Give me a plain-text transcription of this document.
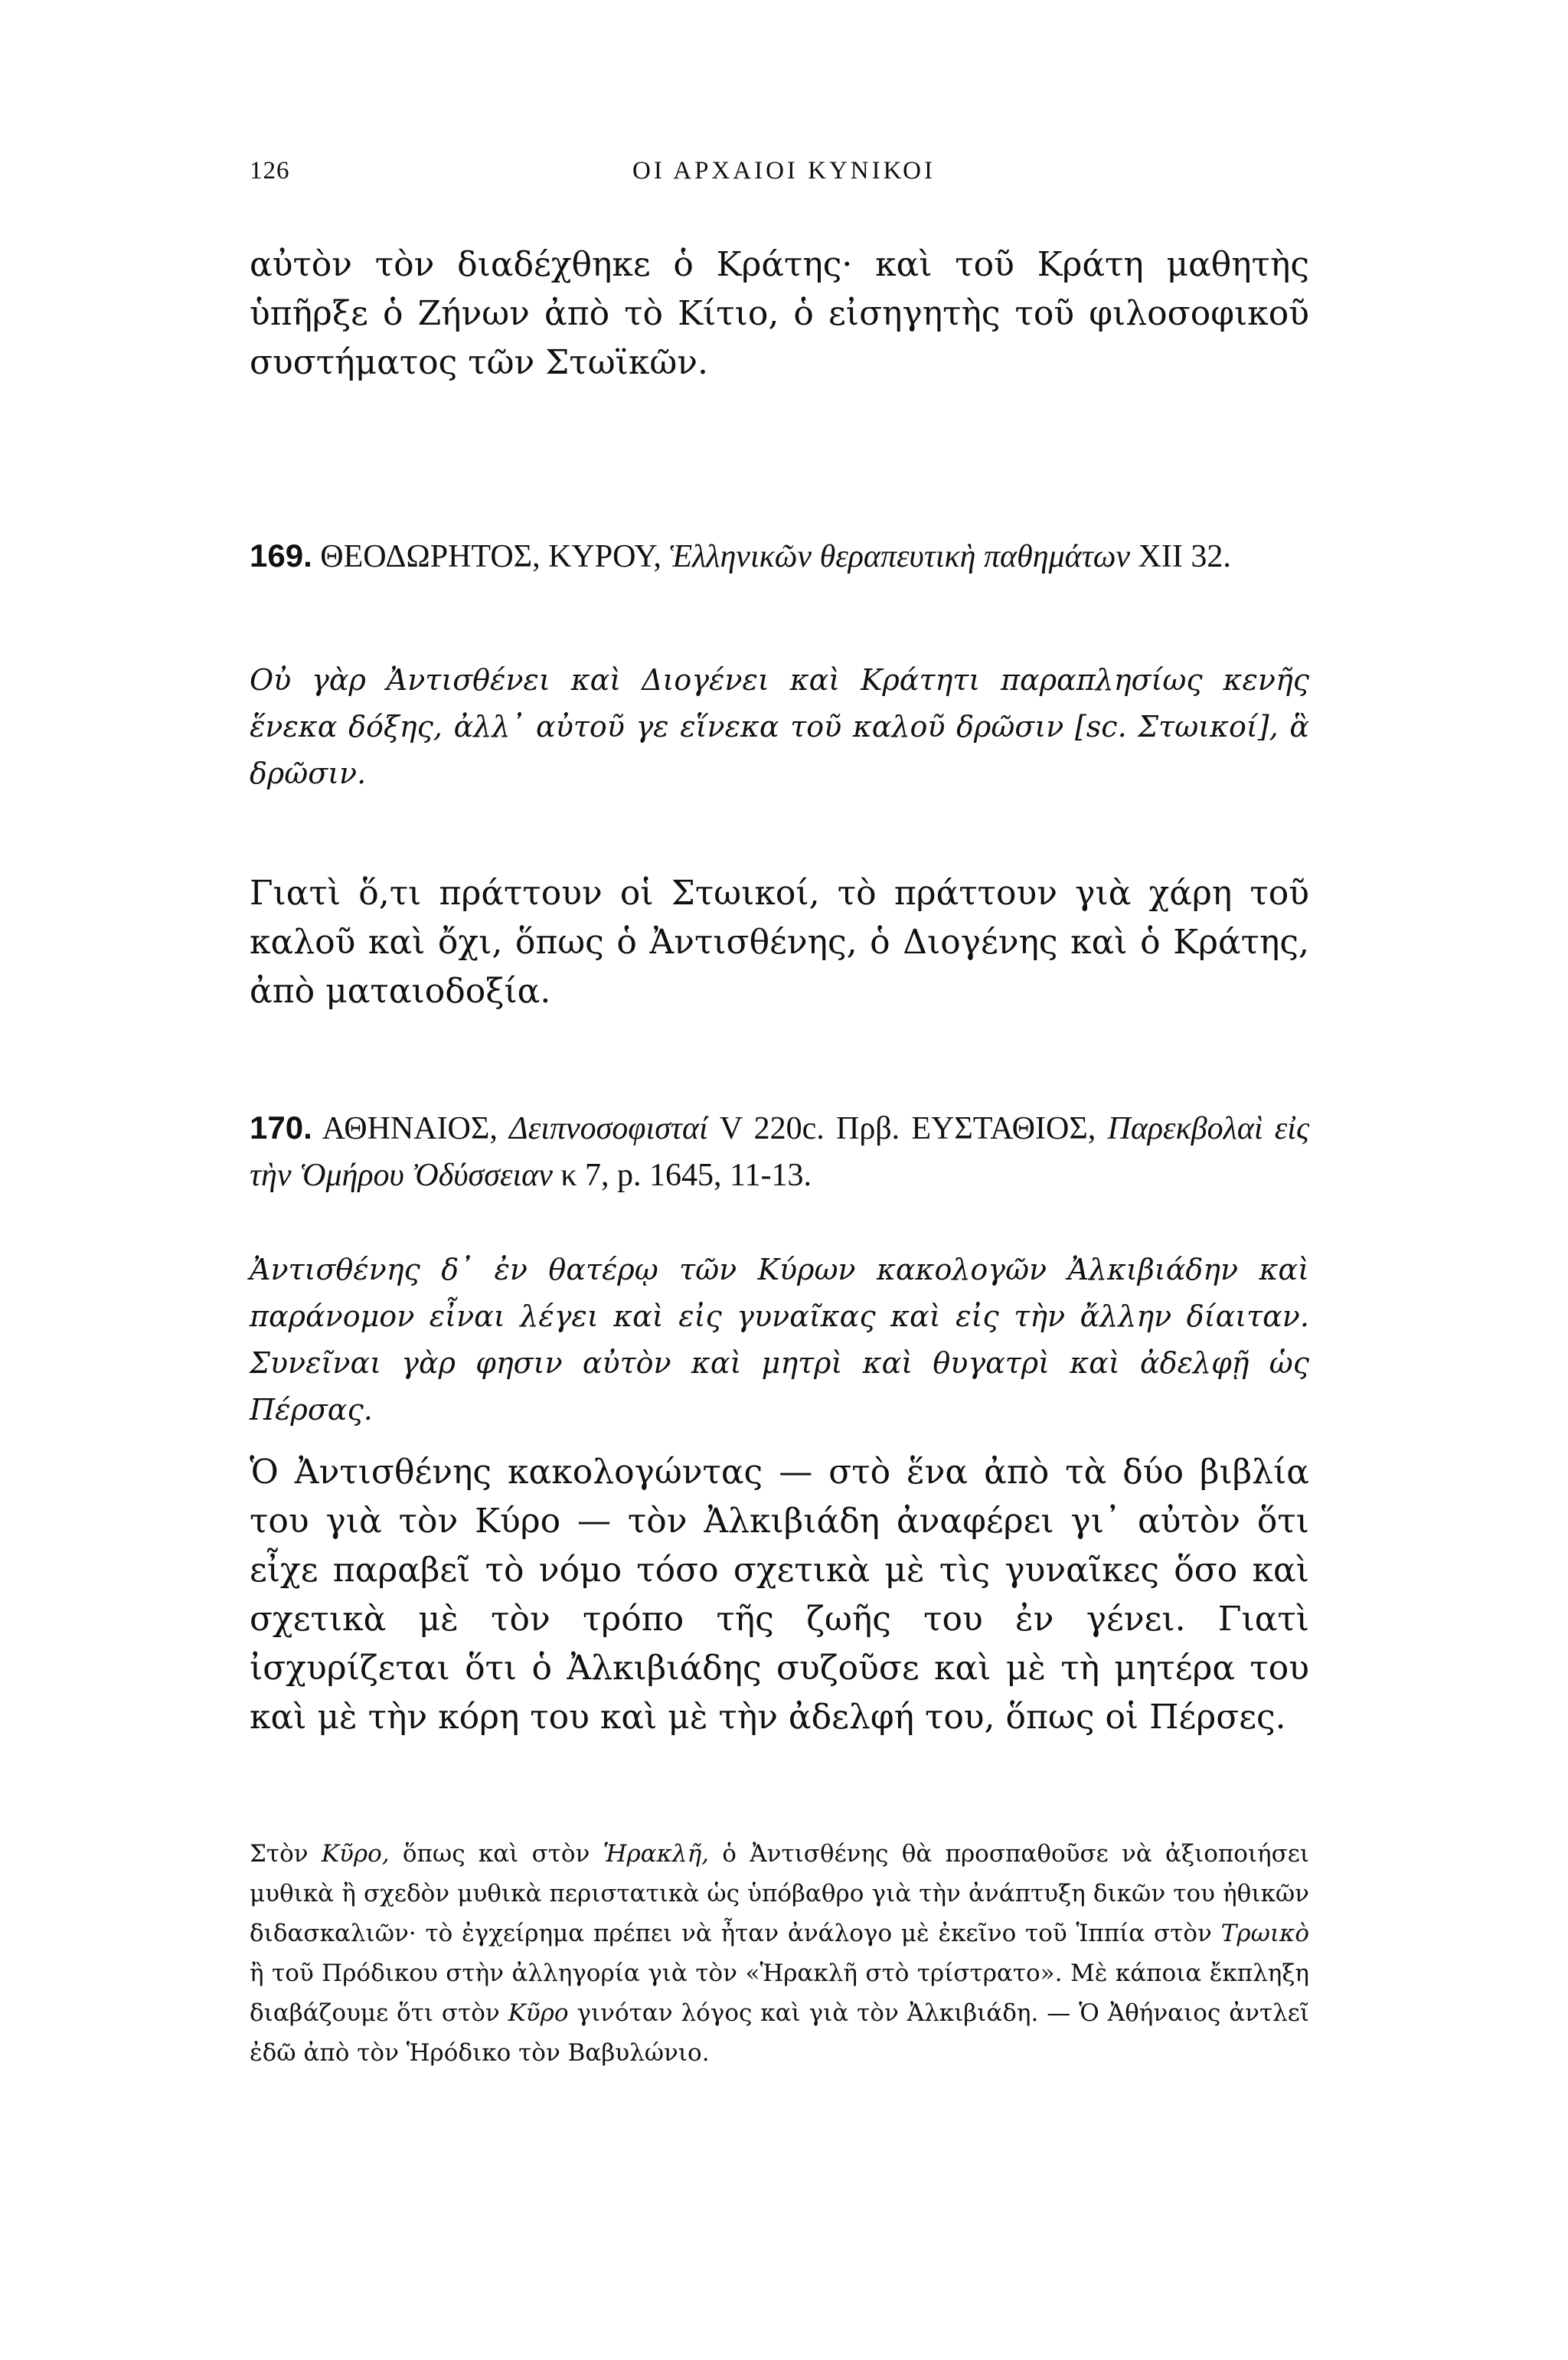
126	ΟΙ ΑΡΧΑΙΟΙ ΚΥΝΙΚΟΙ

αὐτὸν τὸν διαδέχθηκε ὁ Κράτης· καὶ τοῦ Κράτη μαθητὴς ὑπῆρξε ὁ Ζήνων ἀπὸ τὸ Κίτιο, ὁ εἰσηγητὴς τοῦ φιλοσοφικοῦ συστήματος τῶν Στωϊκῶν.

169. ΘΕΟΔΩΡΗΤΟΣ, ΚΥΡΟΥ, Ἑλληνικῶν θεραπευτικὴ παθημάτων XII 32.

Οὐ γὰρ Ἀντισθένει καὶ Διογένει καὶ Κράτητι παραπλησίως κενῆς ἕνεκα δόξης, ἀλλ᾽ αὐτοῦ γε εἵνεκα τοῦ καλοῦ δρῶσιν [sc. Στωικοί], ἃ δρῶσιν.

Γιατὶ ὅ,τι πράττουν οἱ Στωικοί, τὸ πράττουν γιὰ χάρη τοῦ καλοῦ καὶ ὄχι, ὅπως ὁ Ἀντισθένης, ὁ Διογένης καὶ ὁ Κράτης, ἀπὸ ματαιοδοξία.

170. ΑΘΗΝΑΙΟΣ, Δειπνοσοφισταί V 220c. Πρβ. ΕΥΣΤΑΘΙΟΣ, Παρεκβολαὶ εἰς τὴν Ὁμήρου Ὀδύσσειαν κ 7, p. 1645, 11-13.

Ἀντισθένης δ᾽ ἐν θατέρῳ τῶν Κύρων κακολογῶν Ἀλκιβιάδην καὶ παράνομον εἶναι λέγει καὶ εἰς γυναῖκας καὶ εἰς τὴν ἄλλην δίαιταν. Συνεῖναι γὰρ φησιν αὐτὸν καὶ μητρὶ καὶ θυγατρὶ καὶ ἀδελφῇ ὡς Πέρσας.

Ὁ Ἀντισθένης κακολογώντας — στὸ ἕνα ἀπὸ τὰ δύο βιβλία του γιὰ τὸν Κύρο — τὸν Ἀλκιβιάδη ἀναφέρει γι᾽ αὐτὸν ὅτι εἶχε παραβεῖ τὸ νόμο τόσο σχετικὰ μὲ τὶς γυναῖκες ὅσο καὶ σχετικὰ μὲ τὸν τρόπο τῆς ζωῆς του ἐν γένει. Γιατὶ ἰσχυρίζεται ὅτι ὁ Ἀλκιβιάδης συζοῦσε καὶ μὲ τὴ μητέρα του καὶ μὲ τὴν κόρη του καὶ μὲ τὴν ἀδελφή του, ὅπως οἱ Πέρσες.

Στὸν Κῦρο, ὅπως καὶ στὸν Ἡρακλῆ, ὁ Ἀντισθένης θὰ προσπαθοῦσε νὰ ἀξιοποιήσει μυθικὰ ἢ σχεδὸν μυθικὰ περιστατικὰ ὡς ὑπόβαθρο γιὰ τὴν ἀνάπτυξη δικῶν του ἠθικῶν διδασκαλιῶν· τὸ ἐγχείρημα πρέπει νὰ ἦταν ἀνάλογο μὲ ἐκεῖνο τοῦ Ἱππία στὸν Τρωικὸ ἢ τοῦ Πρόδικου στὴν ἀλληγορία γιὰ τὸν «Ἡρακλῆ στὸ τρίστρατο». Μὲ κάποια ἔκπληξη διαβάζουμε ὅτι στὸν Κῦρο γινόταν λόγος καὶ γιὰ τὸν Ἀλκιβιάδη. — Ὁ Ἀθήναιος ἀντλεῖ ἐδῶ ἀπὸ τὸν Ἡρόδικο τὸν Βαβυλώνιο.
